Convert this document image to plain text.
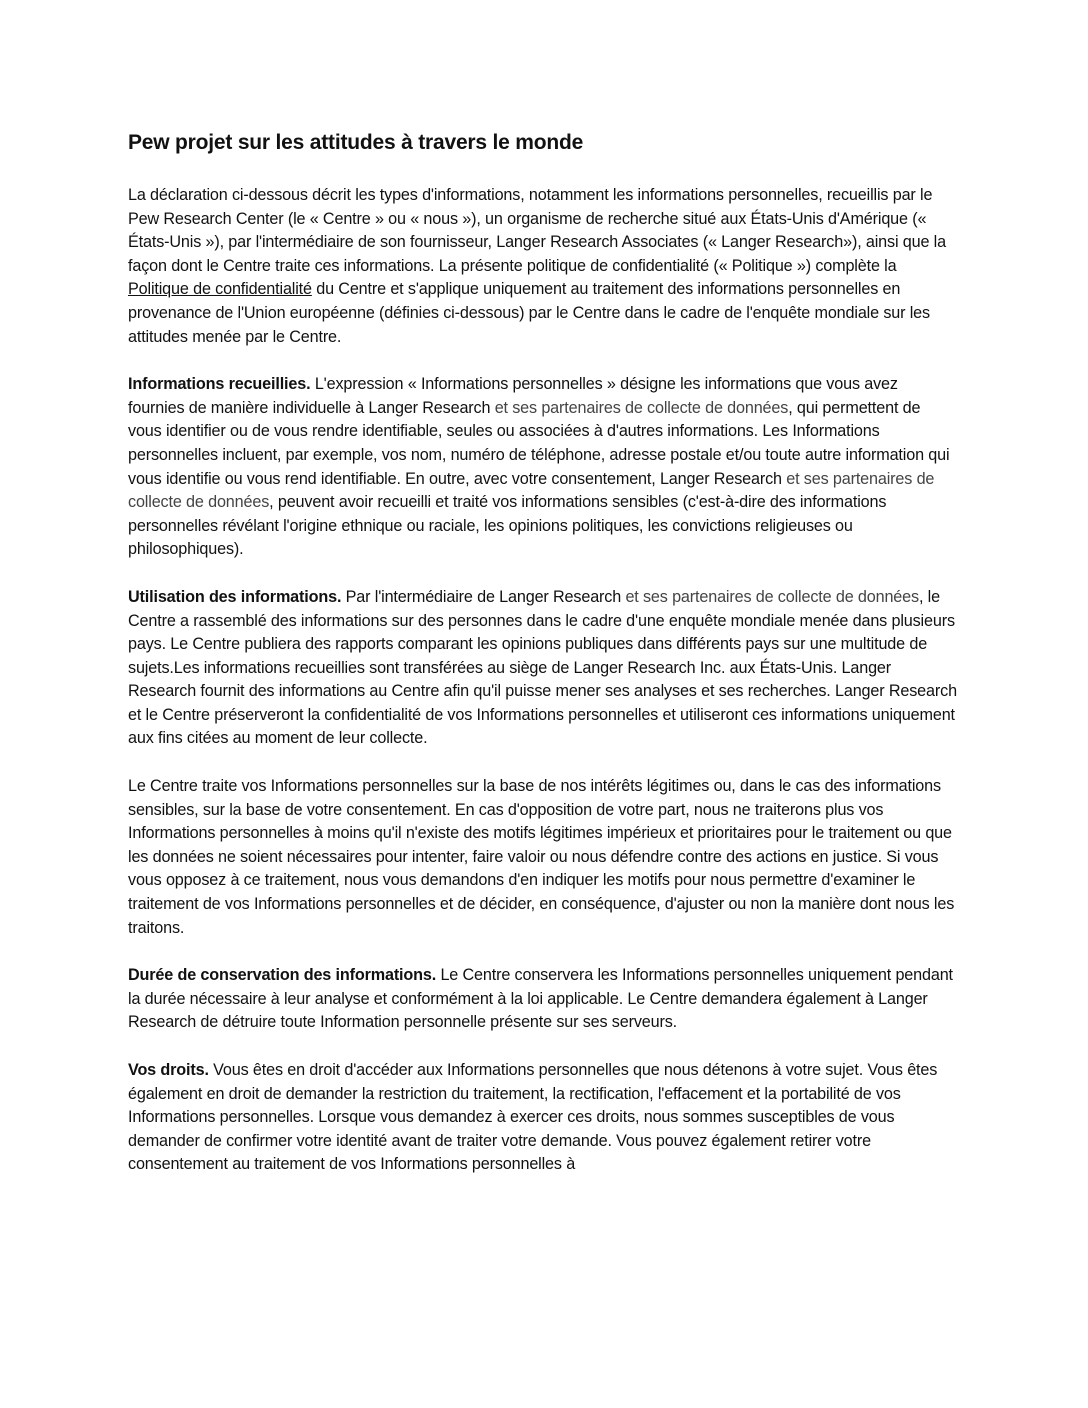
Pew projet sur les attitudes à travers le monde

La déclaration ci-dessous décrit les types d'informations, notamment les informations personnelles, recueillis par le Pew Research Center (le « Centre » ou « nous »), un organisme de recherche situé aux États-Unis d'Amérique (« États-Unis »), par l'intermédiaire de son fournisseur, Langer Research Associates (« Langer Research»), ainsi que la façon dont le Centre traite ces informations. La présente politique de confidentialité (« Politique ») complète la Politique de confidentialité du Centre et s'applique uniquement au traitement des informations personnelles en provenance de l'Union européenne (définies ci-dessous) par le Centre dans le cadre de l'enquête mondiale sur les attitudes menée par le Centre.

Informations recueillies. L'expression « Informations personnelles » désigne les informations que vous avez fournies de manière individuelle à Langer Research et ses partenaires de collecte de données, qui permettent de vous identifier ou de vous rendre identifiable, seules ou associées à d'autres informations. Les Informations personnelles incluent, par exemple, vos nom, numéro de téléphone, adresse postale et/ou toute autre information qui vous identifie ou vous rend identifiable. En outre, avec votre consentement, Langer Research et ses partenaires de collecte de données, peuvent avoir recueilli et traité vos informations sensibles (c'est-à-dire des informations personnelles révélant l'origine ethnique ou raciale, les opinions politiques, les convictions religieuses ou philosophiques).

Utilisation des informations. Par l'intermédiaire de Langer Research et ses partenaires de collecte de données, le Centre a rassemblé des informations sur des personnes dans le cadre d'une enquête mondiale menée dans plusieurs pays. Le Centre publiera des rapports comparant les opinions publiques dans différents pays sur une multitude de sujets.Les informations recueillies sont transférées au siège de Langer Research Inc. aux États-Unis. Langer Research fournit des informations au Centre afin qu'il puisse mener ses analyses et ses recherches. Langer Research et le Centre préserveront la confidentialité de vos Informations personnelles et utiliseront ces informations uniquement aux fins citées au moment de leur collecte.

Le Centre traite vos Informations personnelles sur la base de nos intérêts légitimes ou, dans le cas des informations sensibles, sur la base de votre consentement. En cas d'opposition de votre part, nous ne traiterons plus vos Informations personnelles à moins qu'il n'existe des motifs légitimes impérieux et prioritaires pour le traitement ou que les données ne soient nécessaires pour intenter, faire valoir ou nous défendre contre des actions en justice. Si vous vous opposez à ce traitement, nous vous demandons d'en indiquer les motifs pour nous permettre d'examiner le traitement de vos Informations personnelles et de décider, en conséquence, d'ajuster ou non la manière dont nous les traitons.

Durée de conservation des informations. Le Centre conservera les Informations personnelles uniquement pendant la durée nécessaire à leur analyse et conformément à la loi applicable. Le Centre demandera également à Langer Research de détruire toute Information personnelle présente sur ses serveurs.

Vos droits. Vous êtes en droit d'accéder aux Informations personnelles que nous détenons à votre sujet. Vous êtes également en droit de demander la restriction du traitement, la rectification, l'effacement et la portabilité de vos Informations personnelles. Lorsque vous demandez à exercer ces droits, nous sommes susceptibles de vous demander de confirmer votre identité avant de traiter votre demande. Vous pouvez également retirer votre consentement au traitement de vos Informations personnelles à
